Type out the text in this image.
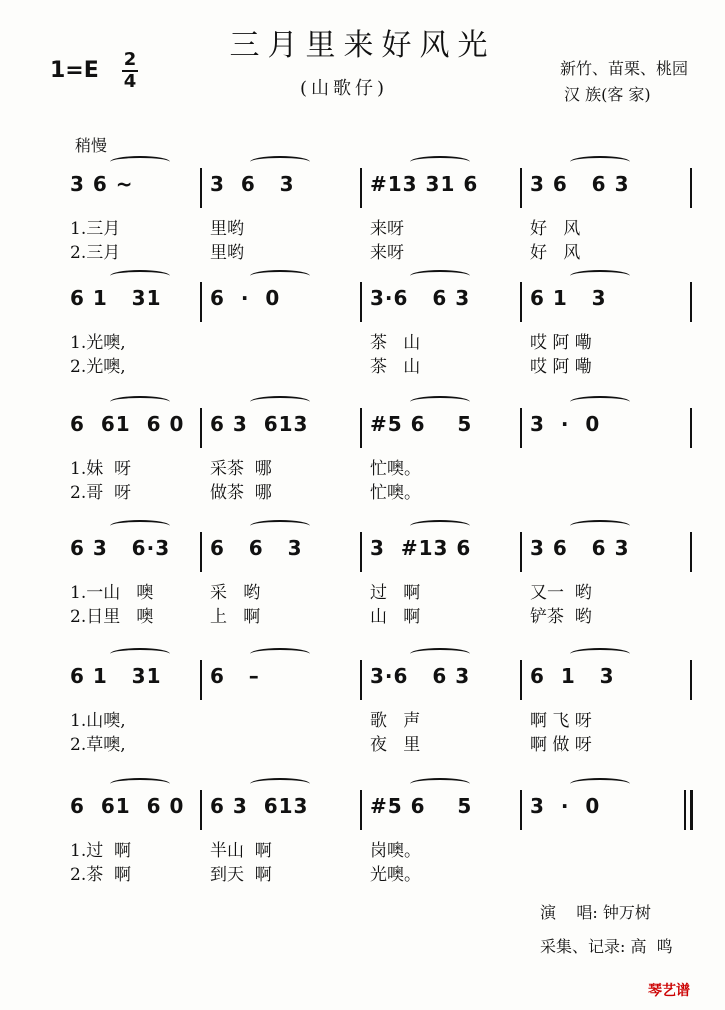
三月里来好风光
(山歌仔)
1=E 2
4
新竹、苗栗、桃园
汉 族(客 家)
稍慢
3 6 ~
1.三月
2.三月
3  6   3
里哟
里哟
#13 31 6
来呀
来呀
3 6   6 3
好   风
好   风
6 1   31
1.光噢,
2.光噢,
6  ·  0	3·6   6 3
茶   山
茶   山
6 1   3
哎 阿 嘞
哎 阿 嘞
6  61  6 0
1.妹  呀
2.哥  呀
6 3  613
采茶  哪
做茶  哪
#5 6    5
忙噢。
忙噢。
3  ·  0
6 3   6·3
1.一山   噢
2.日里   噢
6   6   3
采   哟
上   啊
3  #13 6
过   啊
山   啊
3 6   6 3
又一  哟
铲茶  哟
6 1   31
1.山噢,
2.草噢,
6   –	3·6   6 3
歌   声
夜   里
6  1   3
啊 飞 呀
啊 做 呀
6  61  6 0
1.过  啊
2.茶  啊
6 3  613
半山  啊
到天  啊
#5 6    5
岗噢。
光噢。
3  ·  0
演    唱: 钟万树
采集、记录: 高  鸣
琴艺谱
